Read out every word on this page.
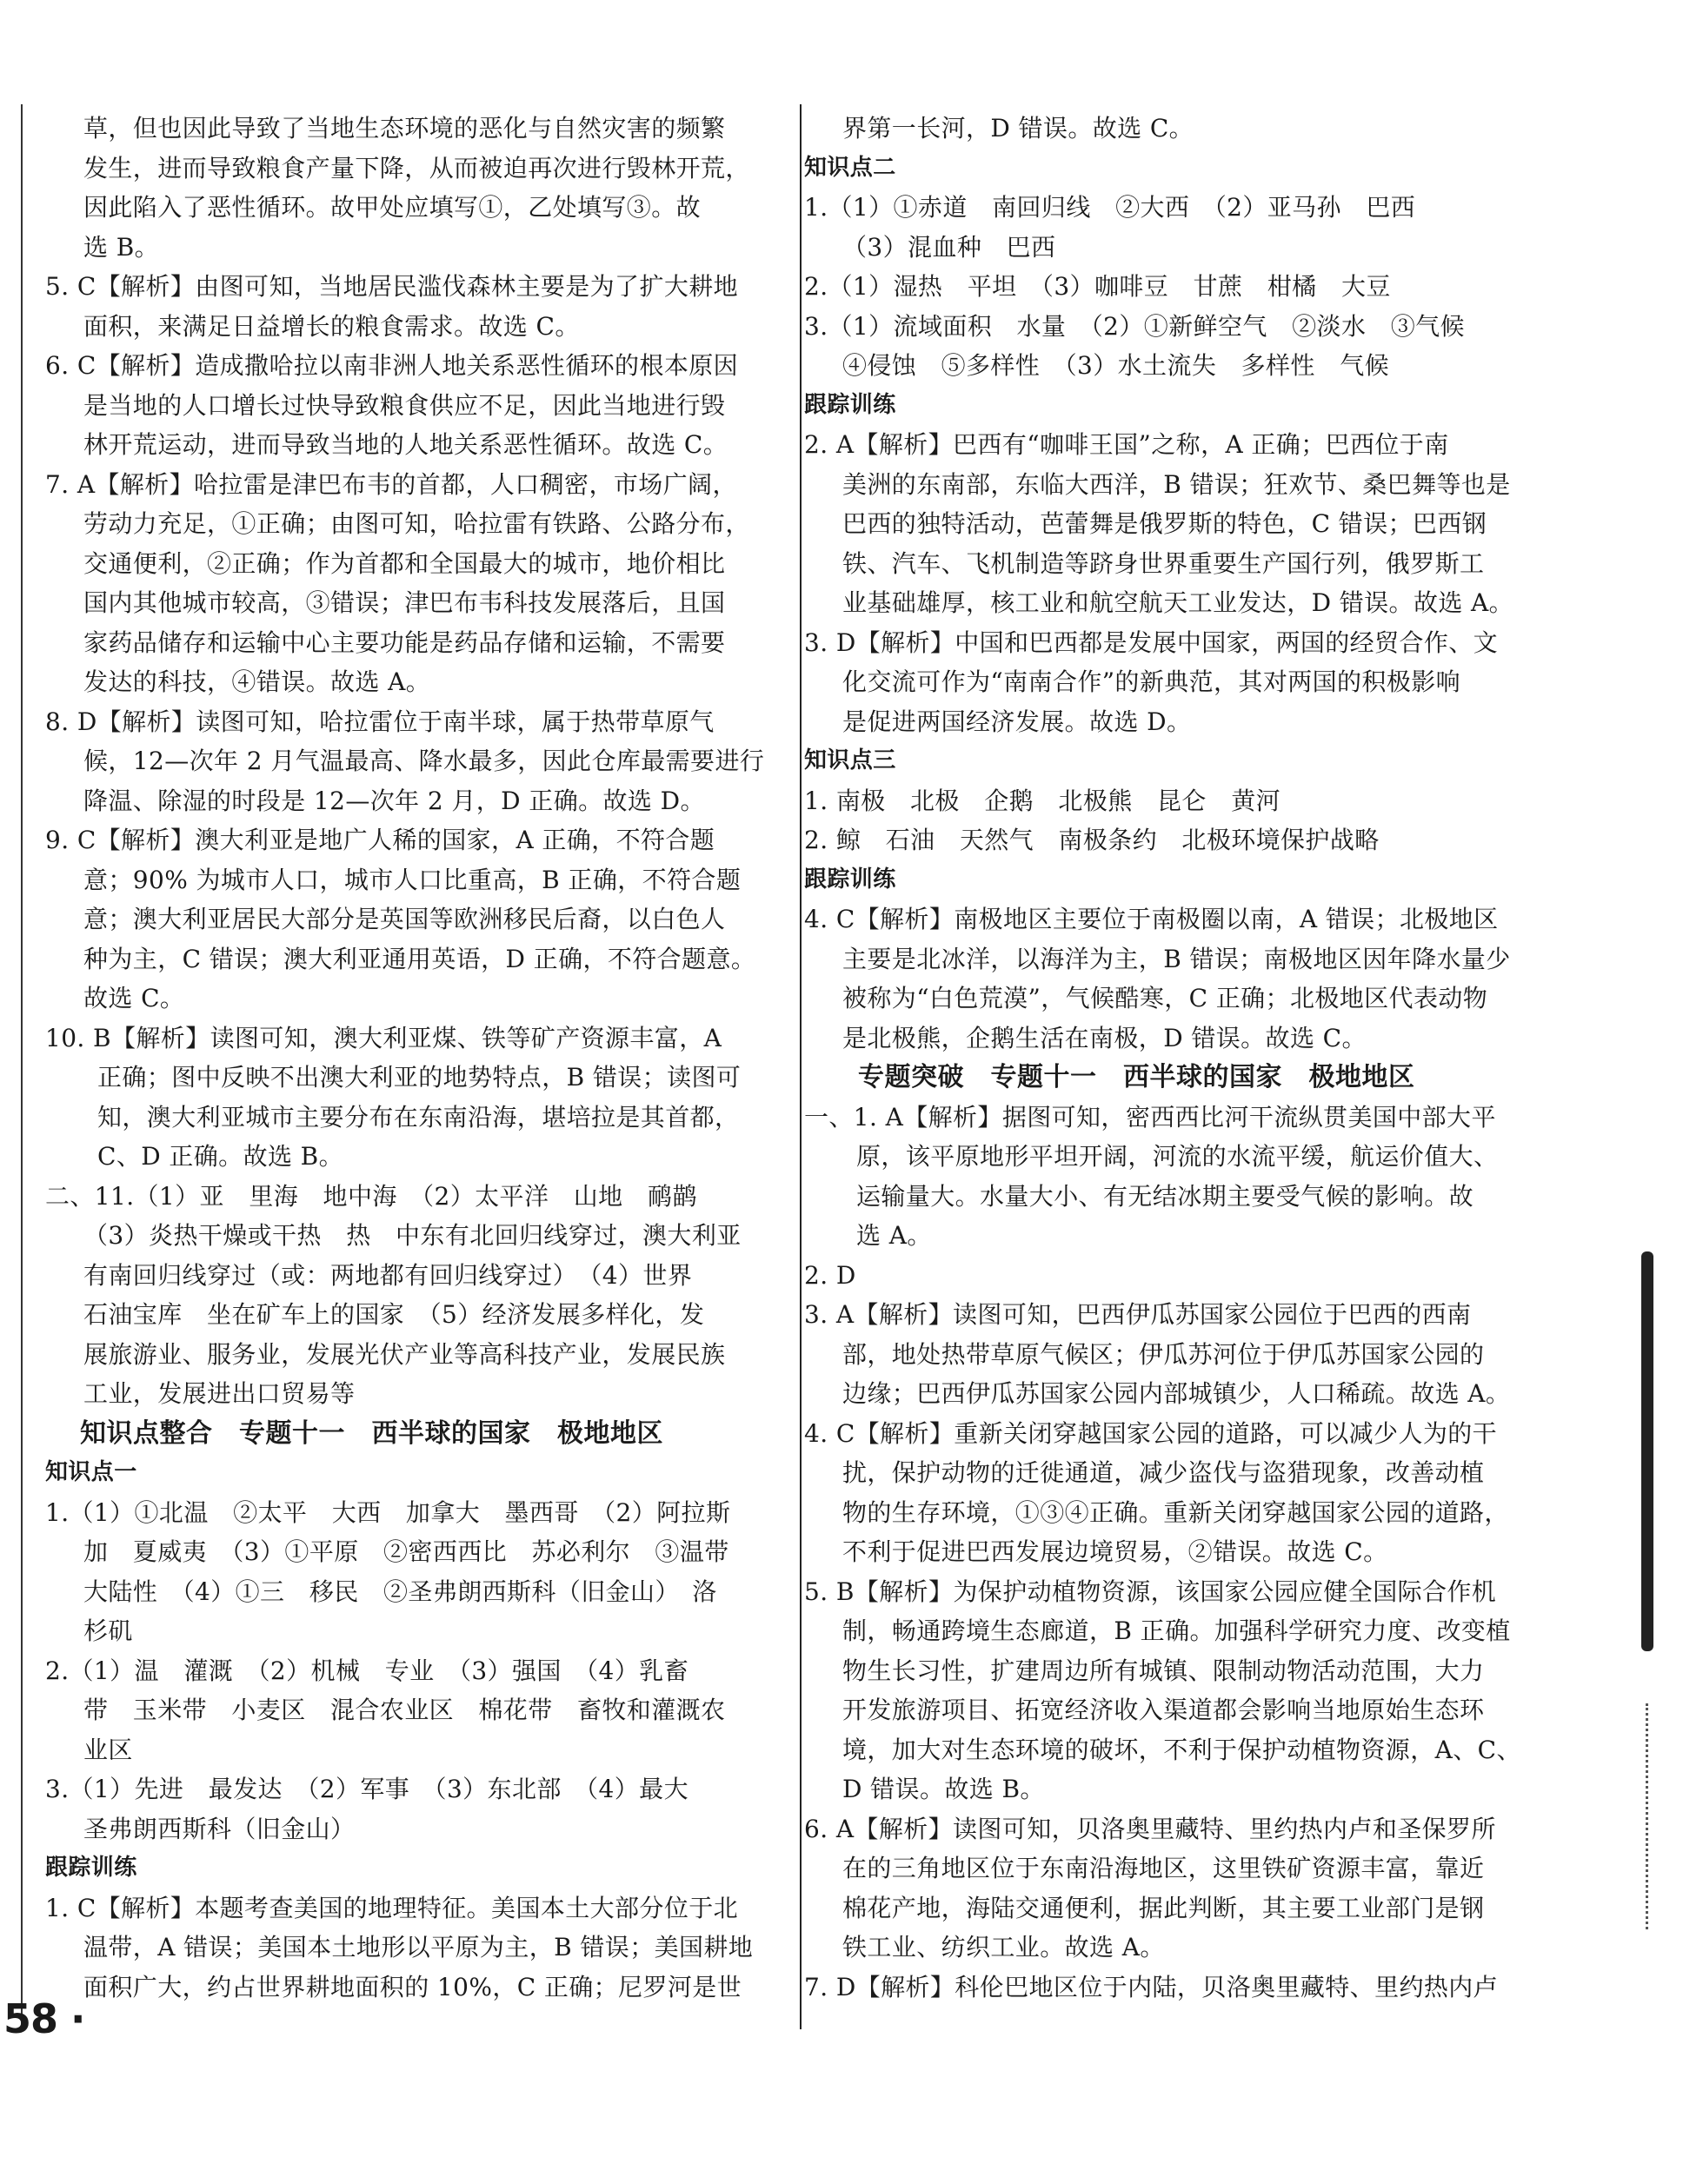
草，但也因此导致了当地生态环境的恶化与自然灾害的频繁
发生，进而导致粮食产量下降，从而被迫再次进行毁林开荒，
因此陷入了恶性循环。故甲处应填写①，乙处填写③。故
选 B。
5. C【解析】由图可知，当地居民滥伐森林主要是为了扩大耕地
面积，来满足日益增长的粮食需求。故选 C。
6. C【解析】造成撒哈拉以南非洲人地关系恶性循环的根本原因
是当地的人口增长过快导致粮食供应不足，因此当地进行毁
林开荒运动，进而导致当地的人地关系恶性循环。故选 C。
7. A【解析】哈拉雷是津巴布韦的首都，人口稠密，市场广阔，
劳动力充足，①正确；由图可知，哈拉雷有铁路、公路分布，
交通便利，②正确；作为首都和全国最大的城市，地价相比
国内其他城市较高，③错误；津巴布韦科技发展落后，且国
家药品储存和运输中心主要功能是药品存储和运输，不需要
发达的科技，④错误。故选 A。
8. D【解析】读图可知，哈拉雷位于南半球，属于热带草原气
候，12—次年 2 月气温最高、降水最多，因此仓库最需要进行
降温、除湿的时段是 12—次年 2 月，D 正确。故选 D。
9. C【解析】澳大利亚是地广人稀的国家，A 正确，不符合题
意；90% 为城市人口，城市人口比重高，B 正确，不符合题
意；澳大利亚居民大部分是英国等欧洲移民后裔，以白色人
种为主，C 错误；澳大利亚通用英语，D 正确，不符合题意。
故选 C。
10. B【解析】读图可知，澳大利亚煤、铁等矿产资源丰富，A
正确；图中反映不出澳大利亚的地势特点，B 错误；读图可
知，澳大利亚城市主要分布在东南沿海，堪培拉是其首都，
C、D 正确。故选 B。
二、11.（1）亚　里海　地中海　（2）太平洋　山地　鸸鹋
（3）炎热干燥或干热　热　中东有北回归线穿过，澳大利亚
有南回归线穿过（或：两地都有回归线穿过）　（4）世界
石油宝库　坐在矿车上的国家　（5）经济发展多样化，发
展旅游业、服务业，发展光伏产业等高科技产业，发展民族
工业，发展进出口贸易等
知识点整合　专题十一　西半球的国家　极地地区
知识点一
1.（1）①北温　②太平　大西　加拿大　墨西哥　（2）阿拉斯
加　夏威夷　（3）①平原　②密西西比　苏必利尔　③温带
大陆性　（4）①三　移民　②圣弗朗西斯科（旧金山）　洛
杉矶
2.（1）温　灌溉　（2）机械　专业　（3）强国　（4）乳畜
带　玉米带　小麦区　混合农业区　棉花带　畜牧和灌溉农
业区
3.（1）先进　最发达　（2）军事　（3）东北部　（4）最大
圣弗朗西斯科（旧金山）
跟踪训练
1. C【解析】本题考查美国的地理特征。美国本土大部分位于北
温带，A 错误；美国本土地形以平原为主，B 错误；美国耕地
面积广大，约占世界耕地面积的 10%，C 正确；尼罗河是世
界第一长河，D 错误。故选 C。
知识点二
1.（1）①赤道　南回归线　②大西　（2）亚马孙　巴西
（3）混血种　巴西
2.（1）湿热　平坦　（3）咖啡豆　甘蔗　柑橘　大豆
3.（1）流域面积　水量　（2）①新鲜空气　②淡水　③气候
④侵蚀　⑤多样性　（3）水土流失　多样性　气候
跟踪训练
2. A【解析】巴西有“咖啡王国”之称，A 正确；巴西位于南
美洲的东南部，东临大西洋，B 错误；狂欢节、桑巴舞等也是
巴西的独特活动，芭蕾舞是俄罗斯的特色，C 错误；巴西钢
铁、汽车、飞机制造等跻身世界重要生产国行列，俄罗斯工
业基础雄厚，核工业和航空航天工业发达，D 错误。故选 A。
3. D【解析】中国和巴西都是发展中国家，两国的经贸合作、文
化交流可作为“南南合作”的新典范，其对两国的积极影响
是促进两国经济发展。故选 D。
知识点三
1. 南极　北极　企鹅　北极熊　昆仑　黄河
2. 鲸　石油　天然气　南极条约　北极环境保护战略
跟踪训练
4. C【解析】南极地区主要位于南极圈以南，A 错误；北极地区
主要是北冰洋，以海洋为主，B 错误；南极地区因年降水量少
被称为“白色荒漠”，气候酷寒，C 正确；北极地区代表动物
是北极熊，企鹅生活在南极，D 错误。故选 C。
专题突破　专题十一　西半球的国家　极地地区
一、1. A【解析】据图可知，密西西比河干流纵贯美国中部大平
原，该平原地形平坦开阔，河流的水流平缓，航运价值大、
运输量大。水量大小、有无结冰期主要受气候的影响。故
选 A。
2. D
3. A【解析】读图可知，巴西伊瓜苏国家公园位于巴西的西南
部，地处热带草原气候区；伊瓜苏河位于伊瓜苏国家公园的
边缘；巴西伊瓜苏国家公园内部城镇少，人口稀疏。故选 A。
4. C【解析】重新关闭穿越国家公园的道路，可以减少人为的干
扰，保护动物的迁徙通道，减少盗伐与盗猎现象，改善动植
物的生存环境，①③④正确。重新关闭穿越国家公园的道路，
不利于促进巴西发展边境贸易，②错误。故选 C。
5. B【解析】为保护动植物资源，该国家公园应健全国际合作机
制，畅通跨境生态廊道，B 正确。加强科学研究力度、改变植
物生长习性，扩建周边所有城镇、限制动物活动范围，大力
开发旅游项目、拓宽经济收入渠道都会影响当地原始生态环
境，加大对生态环境的破坏，不利于保护动植物资源，A、C、
D 错误。故选 B。
6. A【解析】读图可知，贝洛奥里藏特、里约热内卢和圣保罗所
在的三角地区位于东南沿海地区，这里铁矿资源丰富，靠近
棉花产地，海陆交通便利，据此判断，其主要工业部门是钢
铁工业、纺织工业。故选 A。
7. D【解析】科伦巴地区位于内陆，贝洛奥里藏特、里约热内卢
58 ·
